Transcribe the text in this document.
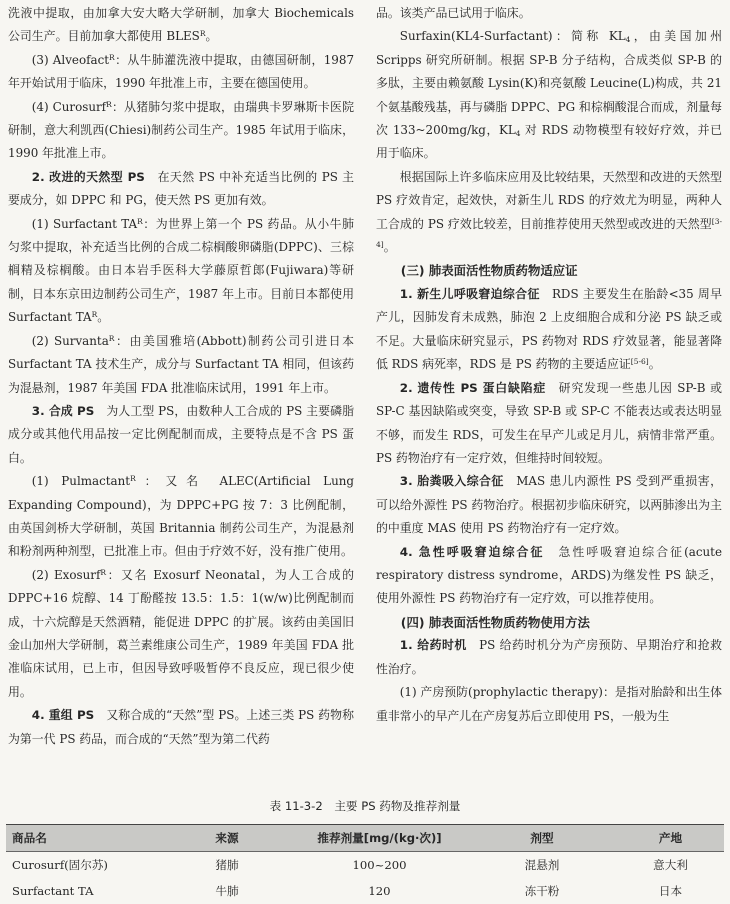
洗液中提取，由加拿大安大略大学研制，加拿大 Biochemicals 公司生产。目前加拿大都使用 $BLES^R$。

(3) Alveofact$^R$：从牛肺灌洗液中提取，由德国研制，1987 年开始试用于临床，1990 年批准上市，主要在德国使用。

(4) Curosurf$^R$：从猪肺匀浆中提取，由瑞典卡罗琳斯卡医院研制，意大利凯西(Chiesi)制药公司生产。1985 年试用于临床，1990 年批准上市。

2. 改进的天然型 PS　 在天然 PS 中补充适当比例的 PS 主要成分，如 DPPC 和 PG，使天然 PS 更加有效。

(1) Surfactant $TA^R$：为世界上第一个 PS 药品。从小牛肺匀浆中提取，补充适当比例的合成二棕榈酸卵磷脂(DPPC)、三棕榈精及棕榈酸。由日本岩手医科大学藤原哲郎(Fujiwara)等研制，日本东京田边制药公司生产，1987 年上市。目前日本都使用 Surfactant $TA^R$。

(2) Survanta$^R$：由美国雅培(Abbott)制药公司引进日本 Surfactant TA 技术生产，成分与 Surfactant TA 相同，但该药为混悬剂，1987 年美国 FDA 批准临床试用，1991 年上市。

3. 合成 PS　 为人工型 PS，由数种人工合成的 PS 主要磷脂成分或其他代用品按一定比例配制而成，主要特点是不含 PS 蛋白。

(1) Pulmactant$^R$：又名 ALEC(Artificial Lung Expanding Compound)，为 DPPC+PG 按 7：3 比例配制，由英国剑桥大学研制，英国 Britannia 制药公司生产，为混悬剂和粉剂两种剂型，已批准上市。但由于疗效不好，没有推广使用。

(2) Exosurf$^R$：又名 Exosurf Neonatal，为人工合成的 DPPC+16 烷醇、14 丁酚醛按 13.5：1.5：1(w/w)比例配制而成，十六烷醇是天然酒精，能促进 DPPC 的扩展。该药由美国旧金山加州大学研制，葛兰素维康公司生产，1989 年美国 FDA 批准临床试用，已上市，但因导致呼吸暂停不良反应，现已很少使用。

4. 重组 PS　 又称合成的“天然”型 PS。上述三类 PS 药物称为第一代 PS 药品，而合成的“天然”型为第二代药

品。该类产品已试用于临床。

Surfaxin(KL4-Surfactant)：简称 $KL_4$，由美国加州 Scripps 研究所研制。根据 SP-B 分子结构，合成类似 SP-B 的多肽，主要由赖氨酸 Lysin(K)和亮氨酸 Leucine(L)构成，共 21 个氨基酸残基，再与磷脂 DPPC、PG 和棕榈酸混合而成，剂量每次 133~200mg/kg，$KL_4$ 对 RDS 动物模型有较好疗效，并已用于临床。

根据国际上许多临床应用及比较结果，天然型和改进的天然型 PS 疗效肯定，起效快，对新生儿 RDS 的疗效尤为明显，两种人工合成的 PS 疗效比较差，目前推荐使用天然型或改进的天然型[3-4]。

(三) 肺表面活性物质药物适应证

1. 新生儿呼吸窘迫综合征　 RDS 主要发生在胎龄<35 周早产儿，因肺发育未成熟，肺泡 2 上皮细胞合成和分泌 PS 缺乏或不足。大量临床研究显示，PS 药物对 RDS 疗效显著，能显著降低 RDS 病死率，RDS 是 PS 药物的主要适应证[5-6]。

2. 遗传性 PS 蛋白缺陷症　 研究发现一些患儿因 SP-B 或 SP-C 基因缺陷或突变，导致 SP-B 或 SP-C 不能表达或表达明显不够，而发生 RDS，可发生在早产儿或足月儿，病情非常严重。PS 药物治疗有一定疗效，但维持时间较短。

3. 胎粪吸入综合征　 MAS 患儿内源性 PS 受到严重损害，可以给外源性 PS 药物治疗。根据初步临床研究，以两肺渗出为主的中重度 MAS 使用 PS 药物治疗有一定疗效。

4. 急性呼吸窘迫综合征　 急性呼吸窘迫综合征(acute respiratory distress syndrome，ARDS)为继发性 PS 缺乏，使用外源性 PS 药物治疗有一定疗效，可以推荐使用。

(四) 肺表面活性物质药物使用方法

1. 给药时机　 PS 给药时机分为产房预防、早期治疗和抢救性治疗。

(1) 产房预防(prophylactic therapy)：是指对胎龄和出生体重非常小的早产儿在产房复苏后立即使用 PS，一般为生

表 11-3-2　主要 PS 药物及推荐剂量
商品名	来源	推荐剂量[mg/(kg·次)]	剂型	产地
Curosurf(固尔苏)	猪肺	100~200	混悬剂	意大利
Surfactant TA	牛肺	120	冻干粉	日本
